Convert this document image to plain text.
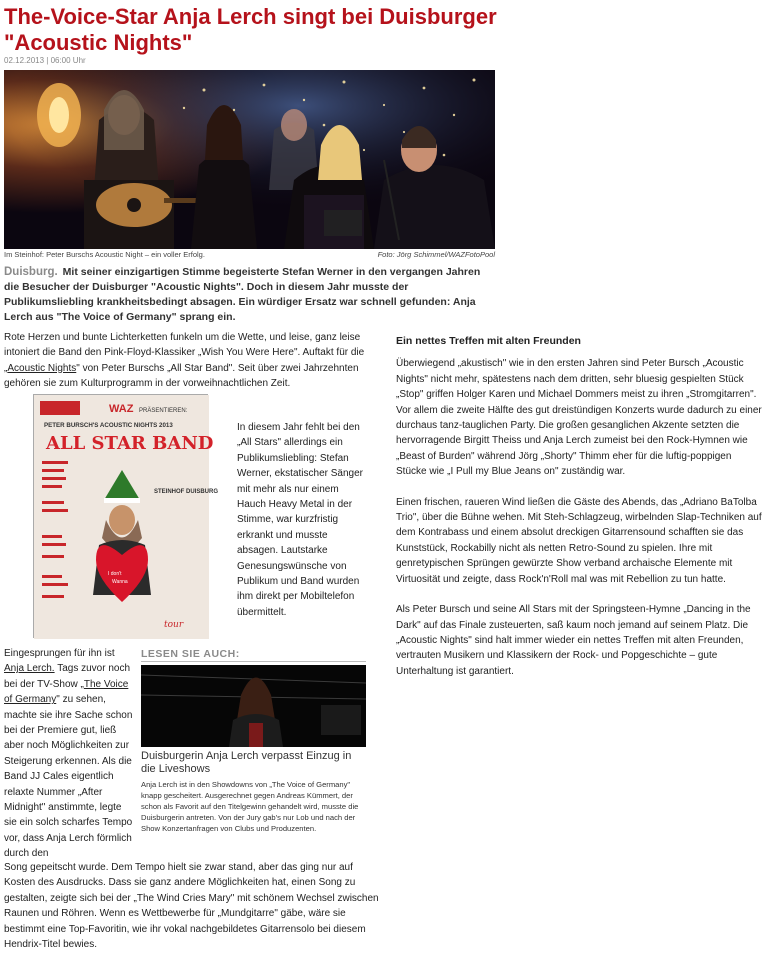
The-Voice-Star Anja Lerch singt bei Duisburger "Acoustic Nights"
02.12.2013 | 06:00 Uhr
Im Steinhof: Peter Burschs Acoustic Night – ein voller Erfolg.	Foto: Jörg Schimmel/WAZFotoPool
Duisburg. Mit seiner einzigartigen Stimme begeisterte Stefan Werner in den vergangen Jahren die Besucher der Duisburger "Acoustic Nights". Doch in diesem Jahr musste der Publikumsliebling krankheitsbedingt absagen. Ein würdiger Ersatz war schnell gefunden: Anja Lerch aus "The Voice of Germany" sprang ein.
Rote Herzen und bunte Lichterketten funkeln um die Wette, und leise, ganz leise intoniert die Band den Pink-Floyd-Klassiker „Wish You Were Here". Auftakt für die „Acoustic Nights" von Peter Burschs „All Star Band". Seit über zwei Jahrzehnten gehören sie zum Kulturprogramm in der vorweihnachtlichen Zeit.
WAZ PRÄSENTIEREN:
PETER BURSCH'S ACOUSTIC NIGHTS 2013
ALL STAR BAND
STEINHOF DUISBURG
I don't
Wanna
tour
In diesem Jahr fehlt bei den „All Stars" allerdings ein Publikumsliebling: Stefan Werner, ekstatischer Sänger mit mehr als nur einem Hauch Heavy Metal in der Stimme, war kurzfristig erkrankt und musste absagen. Lautstarke Genesungswünsche von Publikum und Band wurden ihm direkt per Mobiltelefon übermittelt.
Eingesprungen für ihn ist Anja Lerch. Tags zuvor noch bei der TV-Show „The Voice of Germany" zu sehen, machte sie ihre Sache schon bei der Premiere gut, ließ aber noch Möglichkeiten zur Steigerung erkennen. Als die Band JJ Cales eigentlich relaxte Nummer „After Midnight" anstimmte, legte sie ein solch scharfes Tempo vor, dass Anja Lerch förmlich durch den
Song gepeitscht wurde. Dem Tempo hielt sie zwar stand, aber das ging nur auf Kosten des Ausdrucks. Dass sie ganz andere Möglichkeiten hat, einen Song zu gestalten, zeigte sich bei der „The Wind Cries Mary" mit schönem Wechsel zwischen Raunen und Röhren. Wenn es Wettbewerbe für „Mundgitarre" gäbe, wäre sie bestimmt eine Top-Favoritin, wie ihr vokal nachgebildetes Gitarrensolo bei diesem Hendrix-Titel bewies.
LESEN SIE AUCH:
Duisburgerin Anja Lerch verpasst Einzug in die Liveshows
Anja Lerch ist in den Showdowns von „The Voice of Germany" knapp gescheitert. Ausgerechnet gegen Andreas Kümmert, der schon als Favorit auf den Titelgewinn gehandelt wird, musste die Duisburgerin antreten. Von der Jury gab's nur Lob und nach der Show Konzertanfragen von Clubs und Produzenten.
Ein nettes Treffen mit alten Freunden

Überwiegend „akustisch" wie in den ersten Jahren sind Peter Bursch „Acoustic Nights" nicht mehr, spätestens nach dem dritten, sehr bluesig gespielten Stück „Stop" griffen Holger Karen und Michael Dommers meist zu ihren „Stromgitarren". Vor allem die zweite Hälfte des gut dreistündigen Konzerts wurde dadurch zu einer durchaus tanz-tauglichen Party. Die großen gesanglichen Akzente setzten die hervorragende Birgitt Theiss und Anja Lerch zumeist bei den Rock-Hymnen wie „Beast of Burden" während Jörg „Shorty" Thimm eher für die luftig-poppigen Stücke wie „I Pull my Blue Jeans on" zuständig war.

Einen frischen, raueren Wind ließen die Gäste des Abends, das „Adriano BaTolba Trio", über die Bühne wehen. Mit Steh-Schlagzeug, wirbelnden Slap-Techniken auf dem Kontrabass und einem absolut dreckigen Gitarrensound schafften sie das Kunststück, Rockabilly nicht als netten Retro-Sound zu spielen. Ihre mit genretypischen Sprüngen gewürzte Show verband archaische Elemente mit Virtuosität und zeigte, dass Rock'n'Roll mal was mit Rebellion zu tun hatte.

Als Peter Bursch und seine All Stars mit der Springsteen-Hymne „Dancing in the Dark" auf das Finale zusteuerten, saß kaum noch jemand auf seinem Platz. Die „Acoustic Nights" sind halt immer wieder ein nettes Treffen mit alten Freunden, vertrauten Musikern und Klassikern der Rock- und Popgeschichte – gute Unterhaltung ist garantiert.
